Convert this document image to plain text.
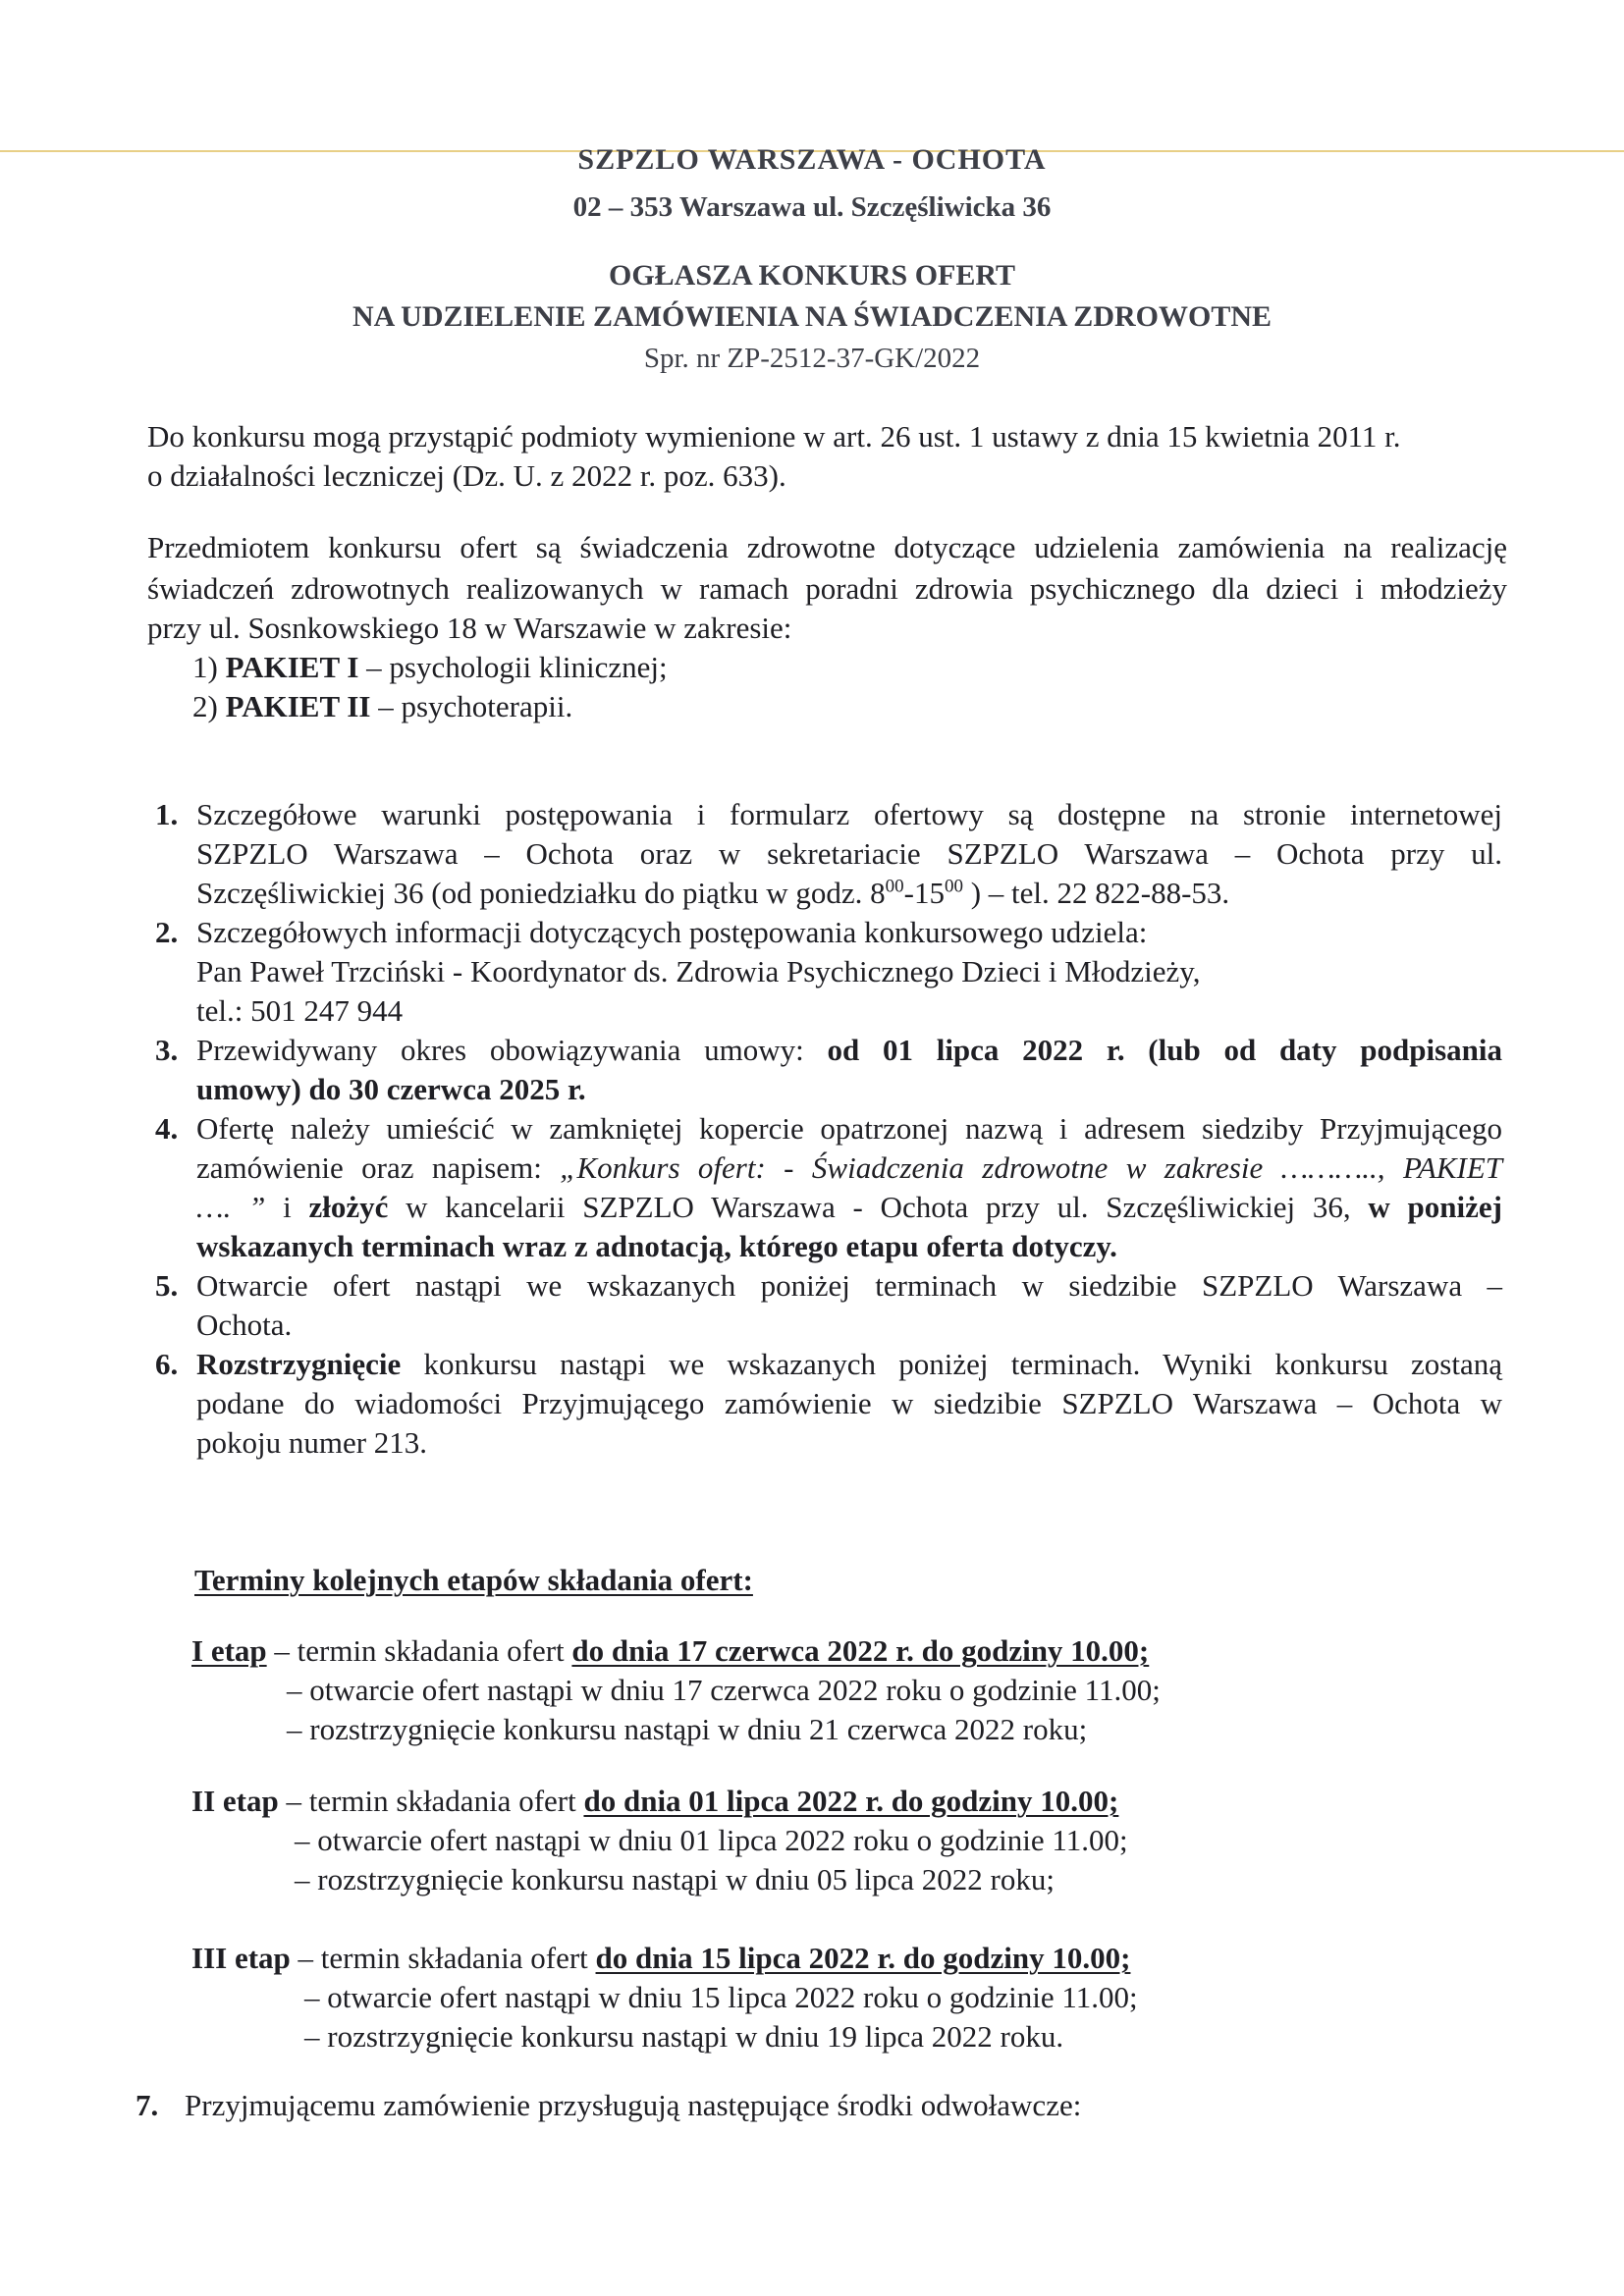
SZPZLO WARSZAWA - OCHOTA
02 – 353 Warszawa ul. Szczęśliwicka 36
OGŁASZA KONKURS OFERT
NA UDZIELENIE ZAMÓWIENIA NA ŚWIADCZENIA ZDROWOTNE
Spr. nr ZP-2512-37-GK/2022
Do konkursu mogą przystąpić podmioty wymienione w art. 26 ust. 1 ustawy z dnia 15 kwietnia 2011 r.
o działalności leczniczej (Dz. U. z 2022 r. poz. 633).
Przedmiotem konkursu ofert są świadczenia zdrowotne dotyczące udzielenia zamówienia na realizację
świadczeń zdrowotnych realizowanych w ramach poradni zdrowia psychicznego dla dzieci i młodzieży
przy ul. Sosnkowskiego 18 w Warszawie w zakresie:
1) PAKIET I – psychologii klinicznej;
2) PAKIET II – psychoterapii.
1. Szczegółowe warunki postępowania i formularz ofertowy są dostępne na stronie internetowej
SZPZLO Warszawa – Ochota oraz w sekretariacie SZPZLO Warszawa – Ochota przy ul.
Szczęśliwickiej 36 (od poniedziałku do piątku w godz. $8^{00}-15^{00}$ ) – tel. 22 822-88-53.
2. Szczegółowych informacji dotyczących postępowania konkursowego udziela:
Pan Paweł Trzciński - Koordynator ds. Zdrowia Psychicznego Dzieci i Młodzieży,
tel.: 501 247 944
3. Przewidywany okres obowiązywania umowy: od 01 lipca 2022 r. (lub od daty podpisania
umowy) do 30 czerwca 2025 r.
4. Ofertę należy umieścić w zamkniętej kopercie opatrzonej nazwą i adresem siedziby Przyjmującego
zamówienie oraz napisem: „Konkurs ofert: - Świadczenia zdrowotne w zakresie ……….., PAKIET
…. ” i złożyć w kancelarii SZPZLO Warszawa - Ochota przy ul. Szczęśliwickiej 36, w poniżej
wskazanych terminach wraz z adnotacją, którego etapu oferta dotyczy.
5. Otwarcie ofert nastąpi we wskazanych poniżej terminach w siedzibie SZPZLO Warszawa –
Ochota.
6. Rozstrzygnięcie konkursu nastąpi we wskazanych poniżej terminach. Wyniki konkursu zostaną
podane do wiadomości Przyjmującego zamówienie w siedzibie SZPZLO Warszawa – Ochota w
pokoju numer 213.
Terminy kolejnych etapów składania ofert:
I etap – termin składania ofert do dnia 17 czerwca 2022 r. do godziny 10.00;
– otwarcie ofert nastąpi w dniu 17 czerwca 2022 roku o godzinie 11.00;
– rozstrzygnięcie konkursu nastąpi w dniu 21 czerwca 2022 roku;
II etap – termin składania ofert do dnia 01 lipca 2022 r. do godziny 10.00;
– otwarcie ofert nastąpi w dniu 01 lipca 2022 roku o godzinie 11.00;
– rozstrzygnięcie konkursu nastąpi w dniu 05 lipca 2022 roku;
III etap – termin składania ofert do dnia 15 lipca 2022 r. do godziny 10.00;
– otwarcie ofert nastąpi w dniu 15 lipca 2022 roku o godzinie 11.00;
– rozstrzygnięcie konkursu nastąpi w dniu 19 lipca 2022 roku.
7. Przyjmującemu zamówienie przysługują następujące środki odwoławcze:
